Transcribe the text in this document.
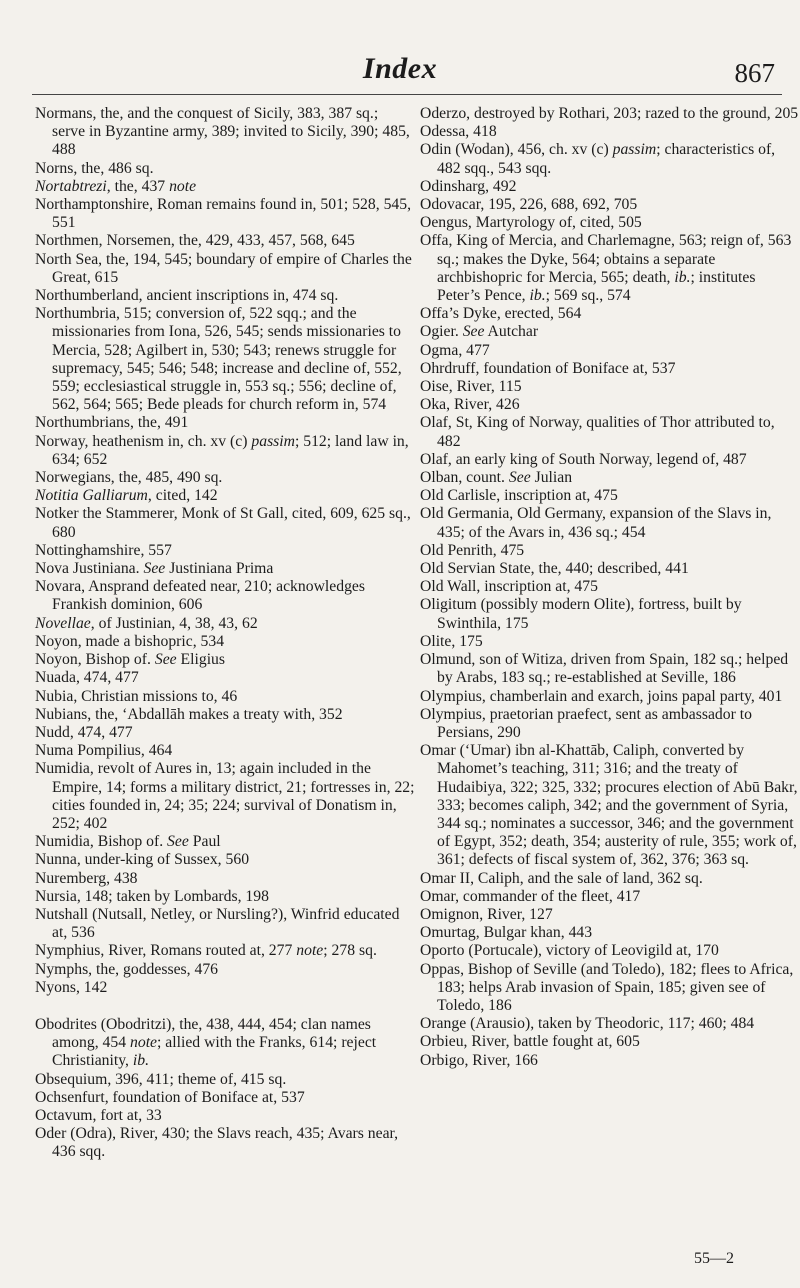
Index	867

Normans, the, and the conquest of Sicily, 383, 387 sq.; serve in Byzantine army, 389; invited to Sicily, 390; 485, 488

Norns, the, 486 sq.

Nortabtrezi, the, 437 note

Northamptonshire, Roman remains found in, 501; 528, 545, 551

Northmen, Norsemen, the, 429, 433, 457, 568, 645

North Sea, the, 194, 545; boundary of empire of Charles the Great, 615

Northumberland, ancient inscriptions in, 474 sq.

Northumbria, 515; conversion of, 522 sqq.; and the missionaries from Iona, 526, 545; sends missionaries to Mercia, 528; Agilbert in, 530; 543; renews struggle for supremacy, 545; 546; 548; increase and decline of, 552, 559; ecclesiastical struggle in, 553 sq.; 556; decline of, 562, 564; 565; Bede pleads for church reform in, 574

Northumbrians, the, 491

Norway, heathenism in, ch. xv (c) passim; 512; land law in, 634; 652

Norwegians, the, 485, 490 sq.

Notitia Galliarum, cited, 142

Notker the Stammerer, Monk of St Gall, cited, 609, 625 sq., 680

Nottinghamshire, 557

Nova Justiniana. See Justiniana Prima

Novara, Ansprand defeated near, 210; acknowledges Frankish dominion, 606

Novellae, of Justinian, 4, 38, 43, 62

Noyon, made a bishopric, 534

Noyon, Bishop of. See Eligius

Nuada, 474, 477

Nubia, Christian missions to, 46

Nubians, the, ‘Abdallāh makes a treaty with, 352

Nudd, 474, 477

Numa Pompilius, 464

Numidia, revolt of Aures in, 13; again included in the Empire, 14; forms a military district, 21; fortresses in, 22; cities founded in, 24; 35; 224; survival of Donatism in, 252; 402

Numidia, Bishop of. See Paul

Nunna, under-king of Sussex, 560

Nuremberg, 438

Nursia, 148; taken by Lombards, 198

Nutshall (Nutsall, Netley, or Nursling?), Winfrid educated at, 536

Nymphius, River, Romans routed at, 277 note; 278 sq.

Nymphs, the, goddesses, 476

Nyons, 142

Obodrites (Obodritzi), the, 438, 444, 454; clan names among, 454 note; allied with the Franks, 614; reject Christianity, ib.

Obsequium, 396, 411; theme of, 415 sq.

Ochsenfurt, foundation of Boniface at, 537

Octavum, fort at, 33

Oder (Odra), River, 430; the Slavs reach, 435; Avars near, 436 sqq.

Oderzo, destroyed by Rothari, 203; razed to the ground, 205

Odessa, 418

Odin (Wodan), 456, ch. xv (c) passim; characteristics of, 482 sqq., 543 sqq.

Odinsharg, 492

Odovacar, 195, 226, 688, 692, 705

Oengus, Martyrology of, cited, 505

Offa, King of Mercia, and Charlemagne, 563; reign of, 563 sq.; makes the Dyke, 564; obtains a separate archbishopric for Mercia, 565; death, ib.; institutes Peter’s Pence, ib.; 569 sq., 574

Offa’s Dyke, erected, 564

Ogier. See Autchar

Ogma, 477

Ohrdruff, foundation of Boniface at, 537

Oise, River, 115

Oka, River, 426

Olaf, St, King of Norway, qualities of Thor attributed to, 482

Olaf, an early king of South Norway, legend of, 487

Olban, count. See Julian

Old Carlisle, inscription at, 475

Old Germania, Old Germany, expansion of the Slavs in, 435; of the Avars in, 436 sq.; 454

Old Penrith, 475

Old Servian State, the, 440; described, 441

Old Wall, inscription at, 475

Oligitum (possibly modern Olite), fortress, built by Swinthila, 175

Olite, 175

Olmund, son of Witiza, driven from Spain, 182 sq.; helped by Arabs, 183 sq.; re-established at Seville, 186

Olympius, chamberlain and exarch, joins papal party, 401

Olympius, praetorian praefect, sent as ambassador to Persians, 290

Omar (‘Umar) ibn al-Khattāb, Caliph, converted by Mahomet’s teaching, 311; 316; and the treaty of Hudaibiya, 322; 325, 332; procures election of Abū Bakr, 333; becomes caliph, 342; and the government of Syria, 344 sq.; nominates a successor, 346; and the government of Egypt, 352; death, 354; austerity of rule, 355; work of, 361; defects of fiscal system of, 362, 376; 363 sq.

Omar II, Caliph, and the sale of land, 362 sq.

Omar, commander of the fleet, 417

Omignon, River, 127

Omurtag, Bulgar khan, 443

Oporto (Portucale), victory of Leovigild at, 170

Oppas, Bishop of Seville (and Toledo), 182; flees to Africa, 183; helps Arab invasion of Spain, 185; given see of Toledo, 186

Orange (Arausio), taken by Theodoric, 117; 460; 484

Orbieu, River, battle fought at, 605

Orbigo, River, 166

55—2
